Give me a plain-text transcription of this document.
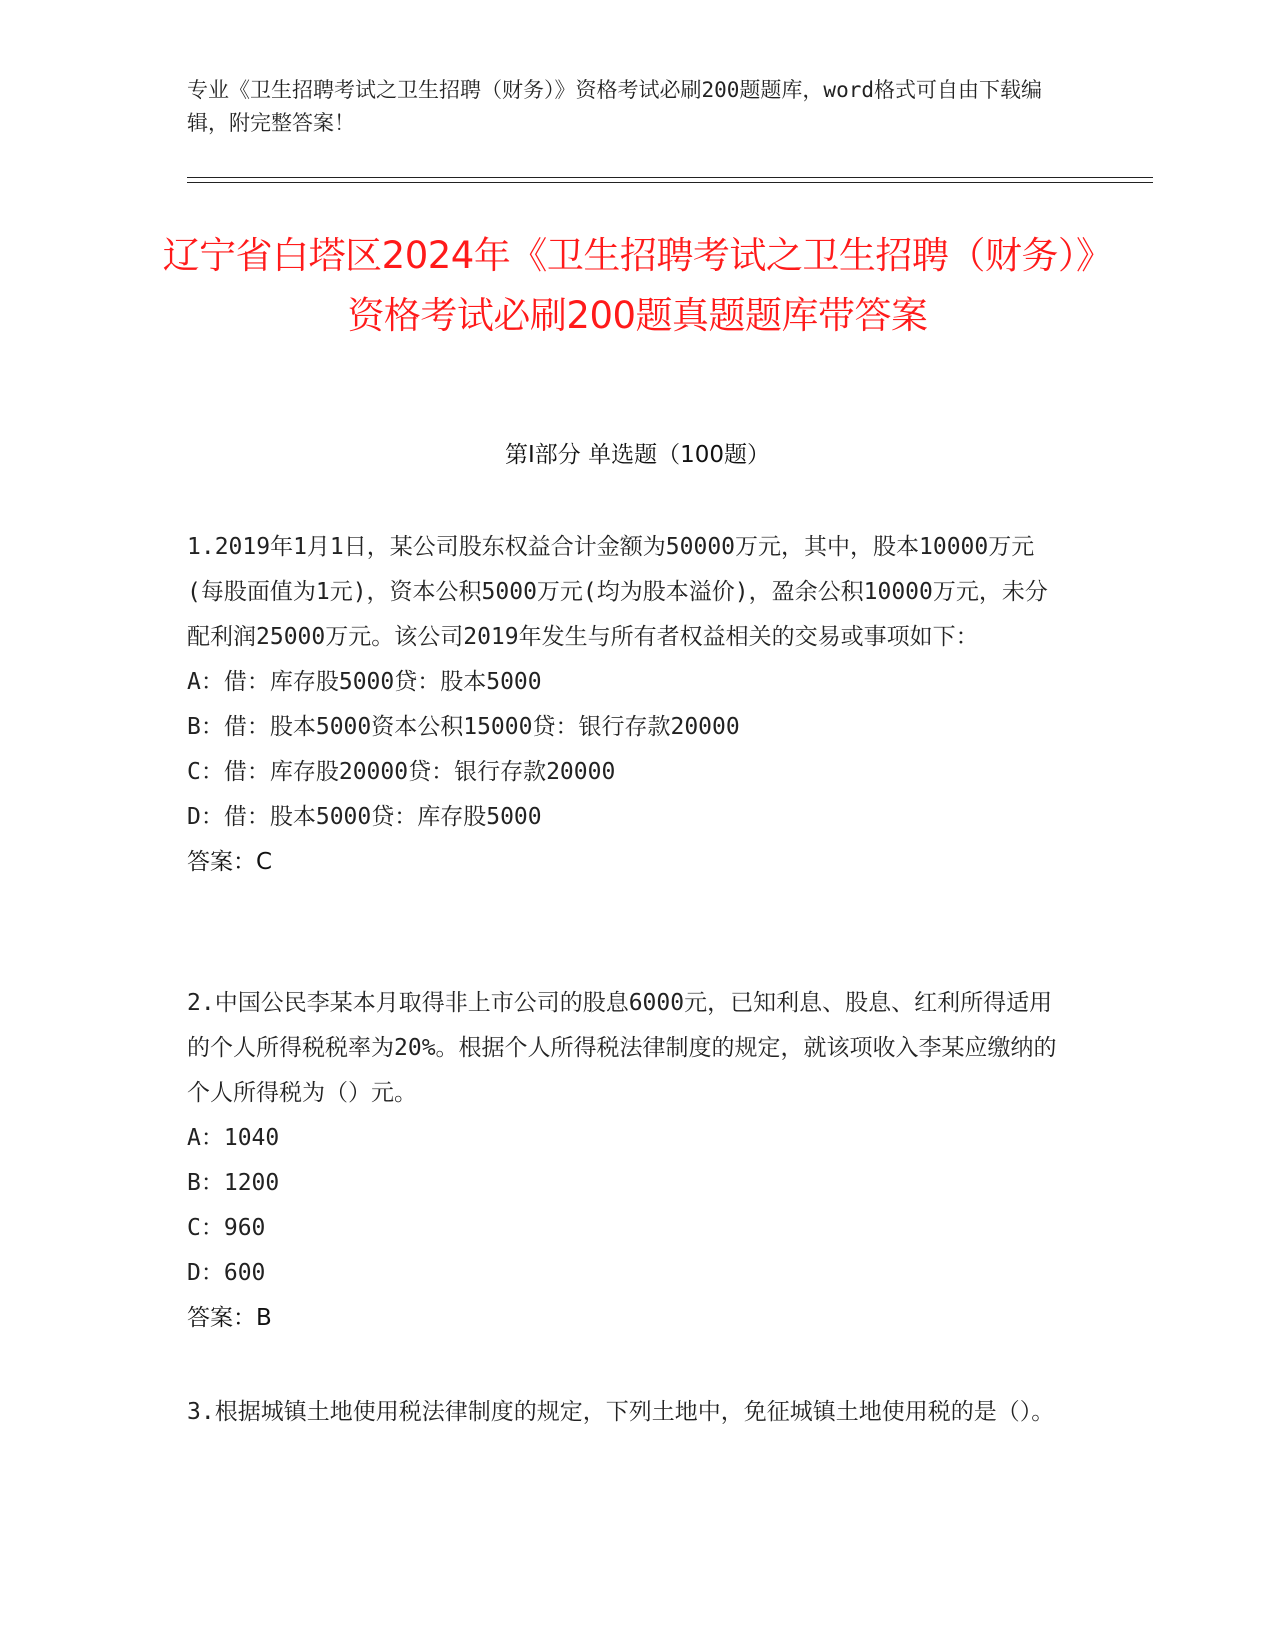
专业《卫生招聘考试之卫生招聘（财务）》资格考试必刷200题题库，word格式可自由下载编辑，附完整答案！
辽宁省白塔区2024年《卫生招聘考试之卫生招聘（财务）》资格考试必刷200题真题题库带答案
第I部分 单选题（100题）

1.2019年1月1日，某公司股东权益合计金额为50000万元，其中，股本10000万元(每股面值为1元)，资本公积5000万元(均为股本溢价)，盈余公积10000万元，未分配利润25000万元。该公司2019年发生与所有者权益相关的交易或事项如下：

A：借：库存股5000贷：股本5000

B：借：股本5000资本公积15000贷：银行存款20000

C：借：库存股20000贷：银行存款20000

D：借：股本5000贷：库存股5000

答案：C

2.中国公民李某本月取得非上市公司的股息6000元，已知利息、股息、红利所得适用的个人所得税税率为20%。根据个人所得税法律制度的规定，就该项收入李某应缴纳的个人所得税为（）元。

A：1040

B：1200

C：960

D：600

答案：B

3.根据城镇土地使用税法律制度的规定，下列土地中，免征城镇土地使用税的是（）。
